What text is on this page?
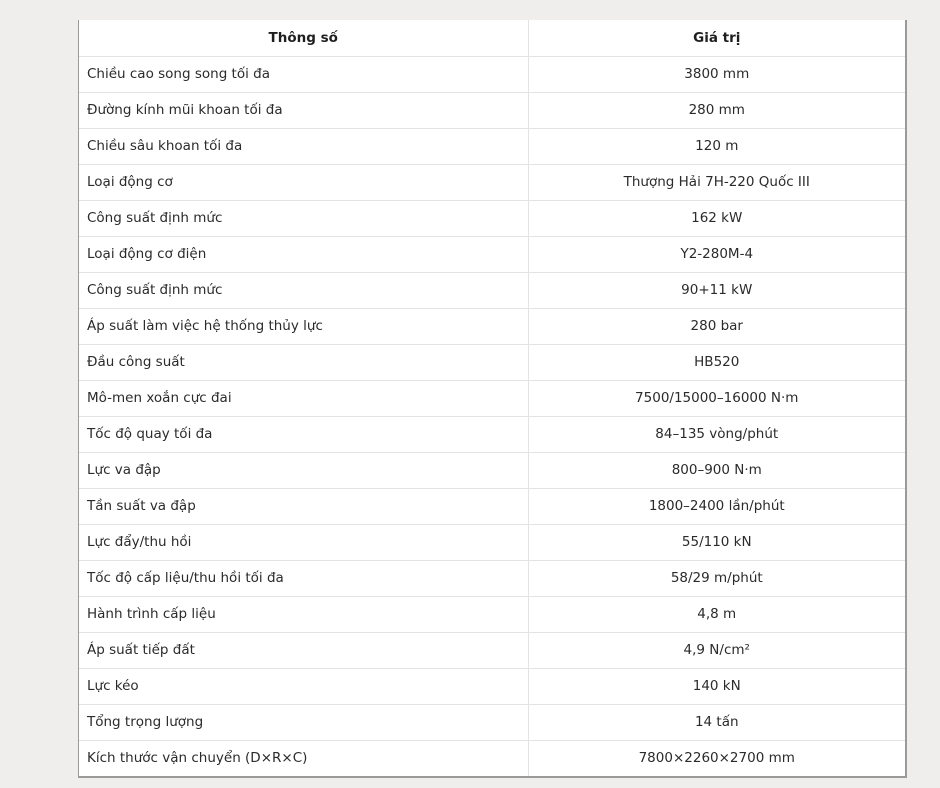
Thông số	Giá trị
Chiều cao song song tối đa	3800 mm
Đường kính mũi khoan tối đa	280 mm
Chiều sâu khoan tối đa	120 m
Loại động cơ	Thượng Hải 7H-220 Quốc III
Công suất định mức	162 kW
Loại động cơ điện	Y2-280M-4
Công suất định mức	90+11 kW
Áp suất làm việc hệ thống thủy lực	280 bar
Đầu công suất	HB520
Mô-men xoắn cực đai	7500/15000–16000 N·m
Tốc độ quay tối đa	84–135 vòng/phút
Lực va đập	800–900 N·m
Tần suất va đập	1800–2400 lần/phút
Lực đẩy/thu hồi	55/110 kN
Tốc độ cấp liệu/thu hồi tối đa	58/29 m/phút
Hành trình cấp liệu	4,8 m
Áp suất tiếp đất	4,9 N/cm²
Lực kéo	140 kN
Tổng trọng lượng	14 tấn
Kích thước vận chuyển (D×R×C)	7800×2260×2700 mm
